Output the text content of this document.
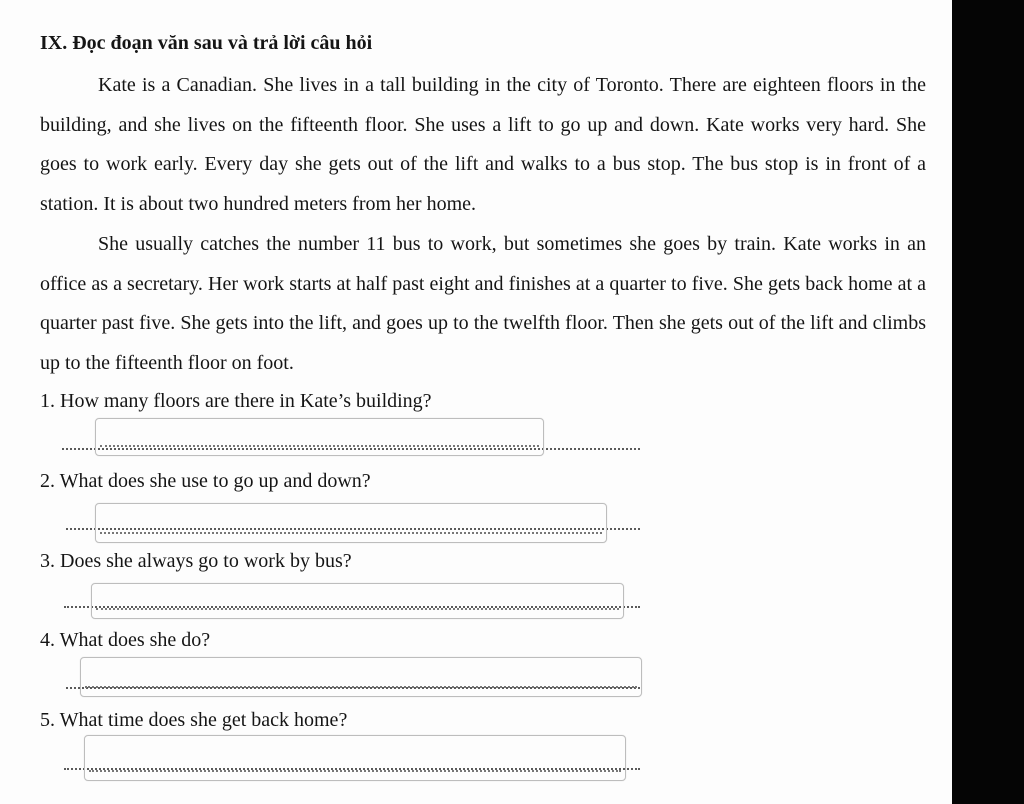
IX. Đọc đoạn văn sau và trả lời câu hỏi

Kate is a Canadian. She lives in a tall building in the city of Toronto. There are eighteen floors in the building, and she lives on the fifteenth floor. She uses a lift to go up and down. Kate works very hard. She goes to work early. Every day she gets out of the lift and walks to a bus stop. The bus stop is in front of a station. It is about two hundred meters from her home.

She usually catches the number 11 bus to work, but sometimes she goes by train. Kate works in an office as a secretary. Her work starts at half past eight and finishes at a quarter to five. She gets back home at a quarter past five. She gets into the lift, and goes up to the twelfth floor. Then she gets out of the lift and climbs up to the fifteenth floor on foot.

1. How many floors are there in Kate’s building?
2. What does she use to go up and down?
3. Does she always go to work by bus?
4. What does she do?
5. What time does she get back home?
